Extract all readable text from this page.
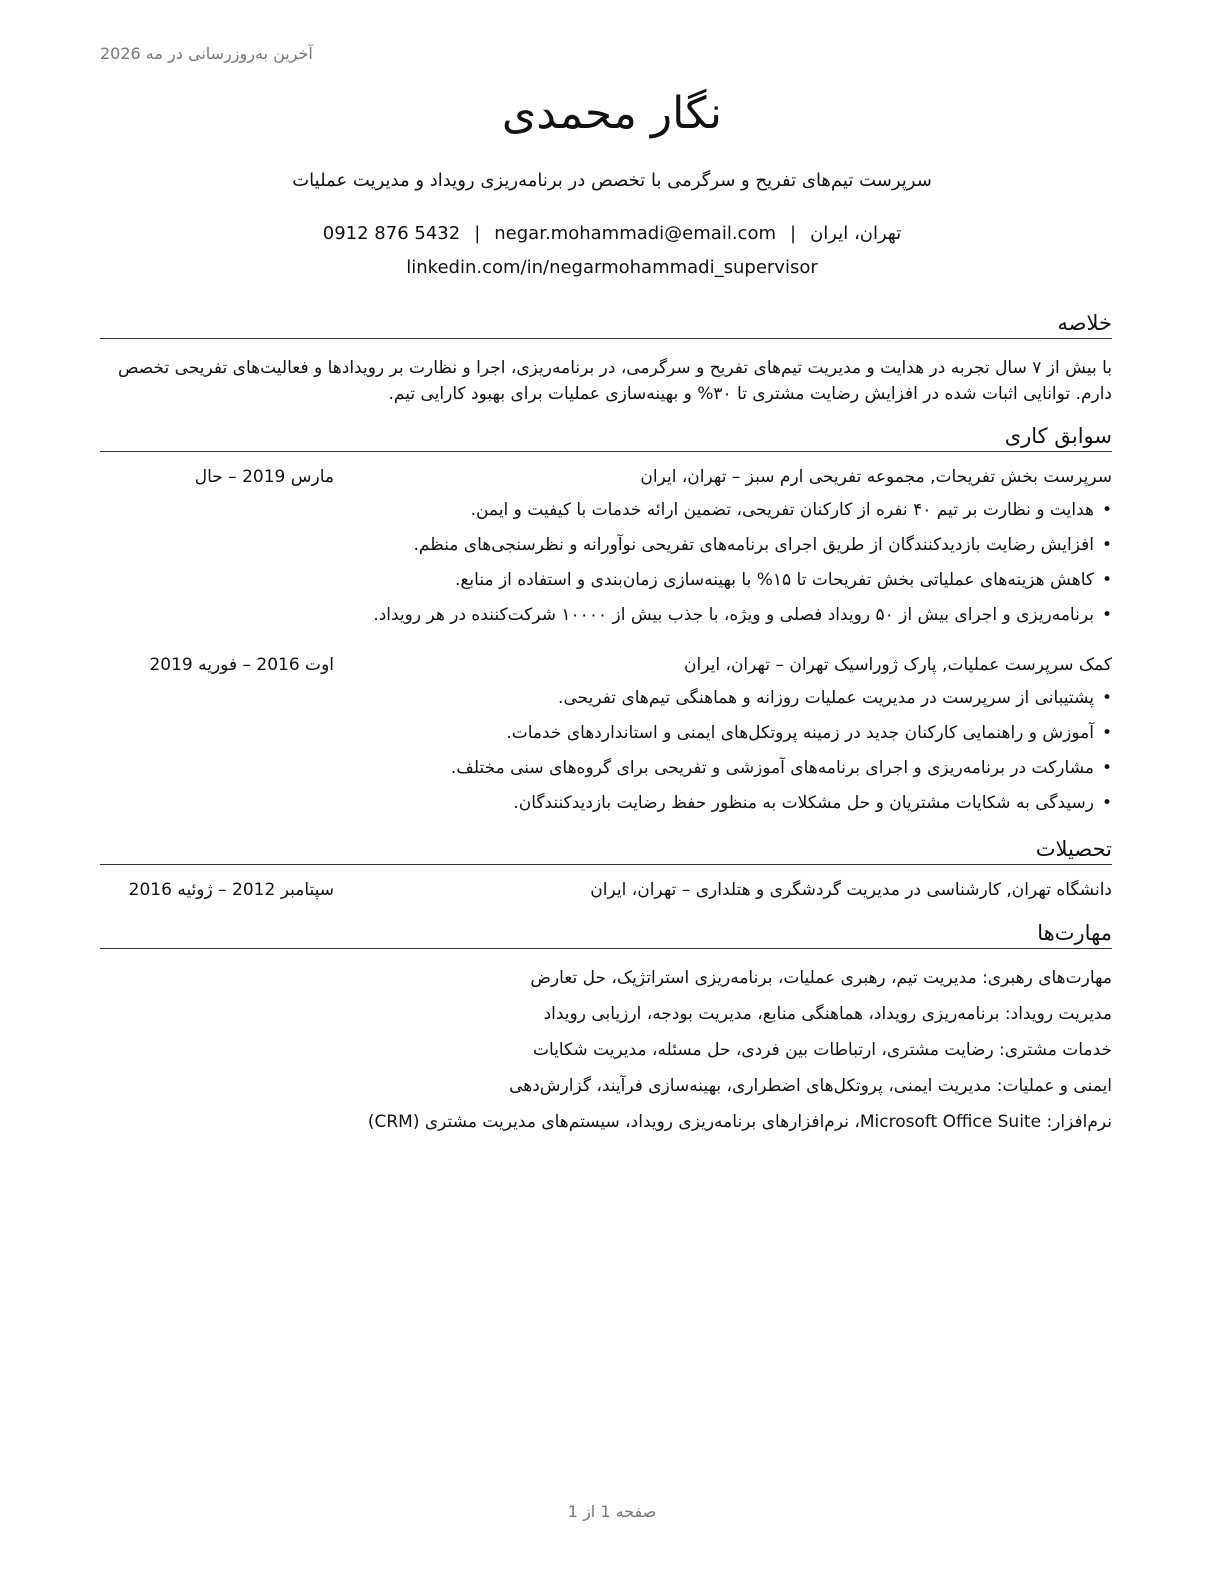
آخرین به‌روزرسانی در مه 2026
نگار محمدی
سرپرست تیم‌های تفریح و سرگرمی با تخصص در برنامه‌ریزی رویداد و مدیریت عملیات
0912 876 5432 | negar.mohammadi@email.com | تهران، ایران
linkedin.com/in/negarmohammadi_supervisor
خلاصه
با بیش از ۷ سال تجربه در هدایت و مدیریت تیم‌های تفریح و سرگرمی، در برنامه‌ریزی، اجرا و نظارت بر رویدادها و فعالیت‌های تفریحی تخصص دارم. توانایی اثبات شده در افزایش رضایت مشتری تا ۳۰% و بهینه‌سازی عملیات برای بهبود کارایی تیم.
سوابق کاری
سرپرست بخش تفریحات, مجموعه تفریحی ارم سبز – تهران، ایران
مارس 2019 – حال
•هدایت و نظارت بر تیم ۴۰ نفره از کارکنان تفریحی، تضمین ارائه خدمات با کیفیت و ایمن.
•افزایش رضایت بازدیدکنندگان از طریق اجرای برنامه‌های تفریحی نوآورانه و نظرسنجی‌های منظم.
•کاهش هزینه‌های عملیاتی بخش تفریحات تا ۱۵% با بهینه‌سازی زمان‌بندی و استفاده از منابع.
•برنامه‌ریزی و اجرای بیش از ۵۰ رویداد فصلی و ویژه، با جذب بیش از ۱۰۰۰۰ شرکت‌کننده در هر رویداد.
کمک سرپرست عملیات, پارک ژوراسیک تهران – تهران، ایران
اوت 2016 – فوریه 2019
•پشتیبانی از سرپرست در مدیریت عملیات روزانه و هماهنگی تیم‌های تفریحی.
•آموزش و راهنمایی کارکنان جدید در زمینه پروتکل‌های ایمنی و استانداردهای خدمات.
•مشارکت در برنامه‌ریزی و اجرای برنامه‌های آموزشی و تفریحی برای گروه‌های سنی مختلف.
•رسیدگی به شکایات مشتریان و حل مشکلات به منظور حفظ رضایت بازدیدکنندگان.
تحصیلات
دانشگاه تهران, کارشناسی در مدیریت گردشگری و هتلداری – تهران، ایران
سپتامبر 2012 – ژوئیه 2016
مهارت‌ها
مهارت‌های رهبری: مدیریت تیم، رهبری عملیات، برنامه‌ریزی استراتژیک، حل تعارض
مدیریت رویداد: برنامه‌ریزی رویداد، هماهنگی منابع، مدیریت بودجه، ارزیابی رویداد
خدمات مشتری: رضایت مشتری، ارتباطات بین فردی، حل مسئله، مدیریت شکایات
ایمنی و عملیات: مدیریت ایمنی، پروتکل‌های اضطراری، بهینه‌سازی فرآیند، گزارش‌دهی
نرم‌افزار: Microsoft Office Suite، نرم‌افزارهای برنامه‌ریزی رویداد، سیستم‌های مدیریت مشتری (CRM)
صفحه 1 از 1
